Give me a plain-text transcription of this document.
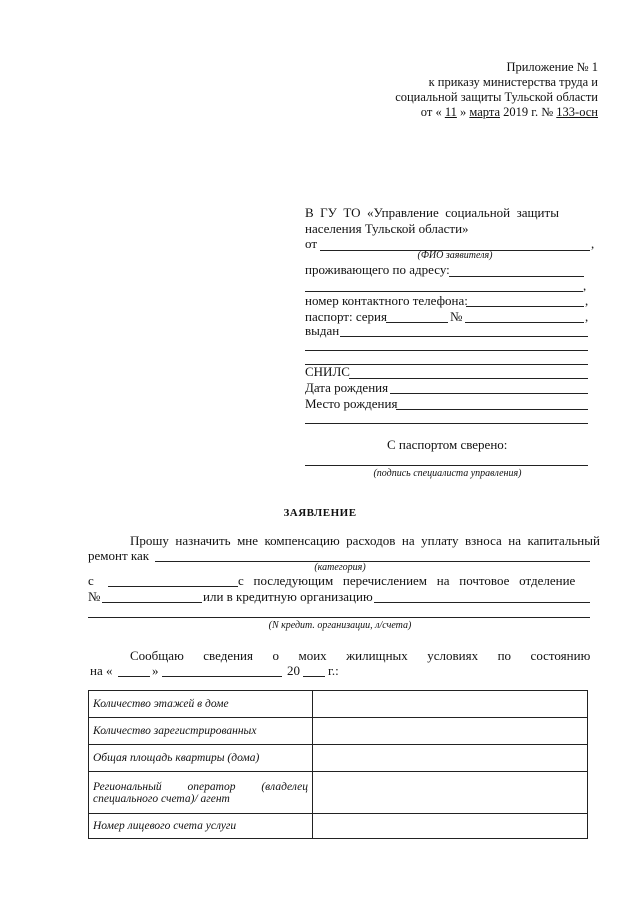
Приложение № 1
к приказу министерства труда и
социальной защиты Тульской области
от « 11 » марта 2019 г. № 133-осн
В  ГУ  ТО  «Управление  социальной  защиты
населения Тульской области»
от	,
(ФИО заявителя)
проживающего по адресу:
,
номер контактного телефона:	,
паспорт: серия	№	,
выдан
СНИЛС
Дата рождения
Место рождения
С паспортом сверено:
(подпись специалиста управления)
ЗАЯВЛЕНИЕ
Прошу  назначить  мне  компенсацию  расходов  на  уплату  взноса  на  капитальный
ремонт как
(категория)
с	с   последующим   перечислением   на   почтовое   отделение
№	или в кредитную организацию
(N кредит. организации, л/счета)
Сообщаю      сведения      о      моих      жилищных      условиях      по      состоянию
на «	»	20 г.:
Количество этажей в доме	
Количество зарегистрированных	
Общая площадь квартиры (дома)	
Региональный оператор (владелец специального счета)/ агент	
Номер лицевого счета услуги	
